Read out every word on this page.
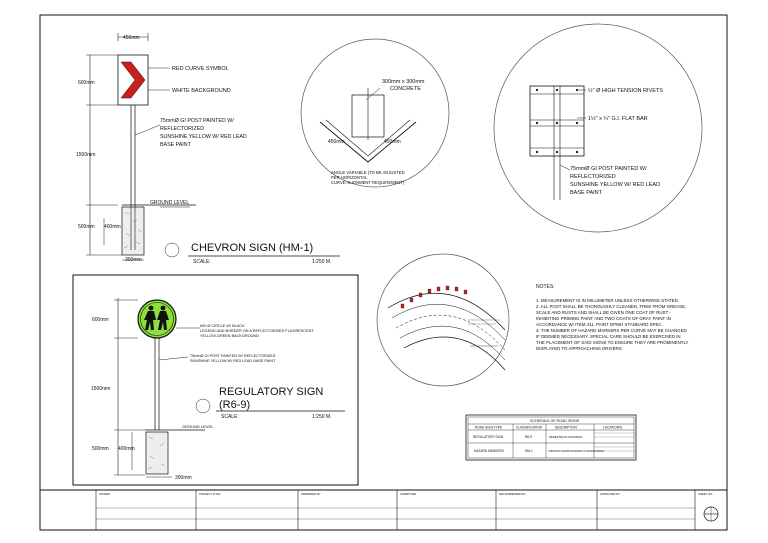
450mm
600mm
1500mm
500mm 400mm
300mm
RED CURVE SYMBOL
WHITE BACKGROUND
75mmØ GI POST PAINTED W/
REFLECTORIZED
SUNSHINE YELLOW W/ RED LEAD
BASE PAINT
GROUND LEVEL
CHEVRON SIGN (HM-1)
SCALE:	1:250 M.
300mm x 300mm
CONCRETE
450mm	450mm
ANGLE VARIABLE (TO BE ADJUSTED
PER HORIZONTAL
CURVE ALIGNMENT REQUIREMENT)
½" Ø HIGH TENSION RIVETS
1½" x ¼" G.I. FLAT BAR
75mmØ GI POST PAINTED W/
REFLECTORIZED
SUNSHINE YELLOW W/ RED LEAD
BASE PAINT
600mm
1500mm
500mm 400mm
300mm
600 Ø CIRCLE W/ BLACK
LEGEND AND BORDER ON A REFLECTORIZED FLUORESCENT
YELLOW-GREEN BACKGROUND
75mmØ GI POST PAINTED W/ REFLECTORIZED
SUNSHINE YELLOW W/ RED LEAD BASE PAINT
GROUND LEVEL
REGULATORY SIGN
(R6-9)
SCALE:	1:250 M.
NOTES:
1. MEASUREMENT IS IN MILLIMETER UNLESS OTHERWISE STATED.
2. ALL POST SHALL BE THOROUGHLY CLEANED, FREE FROM GREASE,
SCALE AND RUSTS AND SHALL BE GIVEN ONE COAT OF RUST -
INHIBITING PRIMING PAINT AND TWO COATS OF GRAY PAINT IN
ACCORDANCE W/ ITEM 411, PAINT DPWH STANDARD SPEC.
3. THE NUMBER OF HAZARD MARKERS PER CURVE MAY BE CHANGED
IF DEEMED NECESSARY. SPECIAL CARE SHOULD BE EXERCISED IN
THE PLACEMENT OF SAID SIGNS TO ENSURE THEY ARE PROMINENTLY
DISPLAYED TO APPROACHING DRIVERS.
SCHEDULE OF ROAD SIGNS
ROAD SIGN TYPE	CLASSIFICATION	DESCRIPTION	LOCATION/S
REGULATORY SIGN	R6-9	PEDESTRIAN CROSSING
HAZARD MARKERS	HM-1	CHEVRON HAZARD MARKERS (CHEVRON SIGN)
OWNER	PROJECT TITLE	PREPARED BY	SUBMITTED	RECOMMENDED BY	APPROVED BY	SHEET NO.
